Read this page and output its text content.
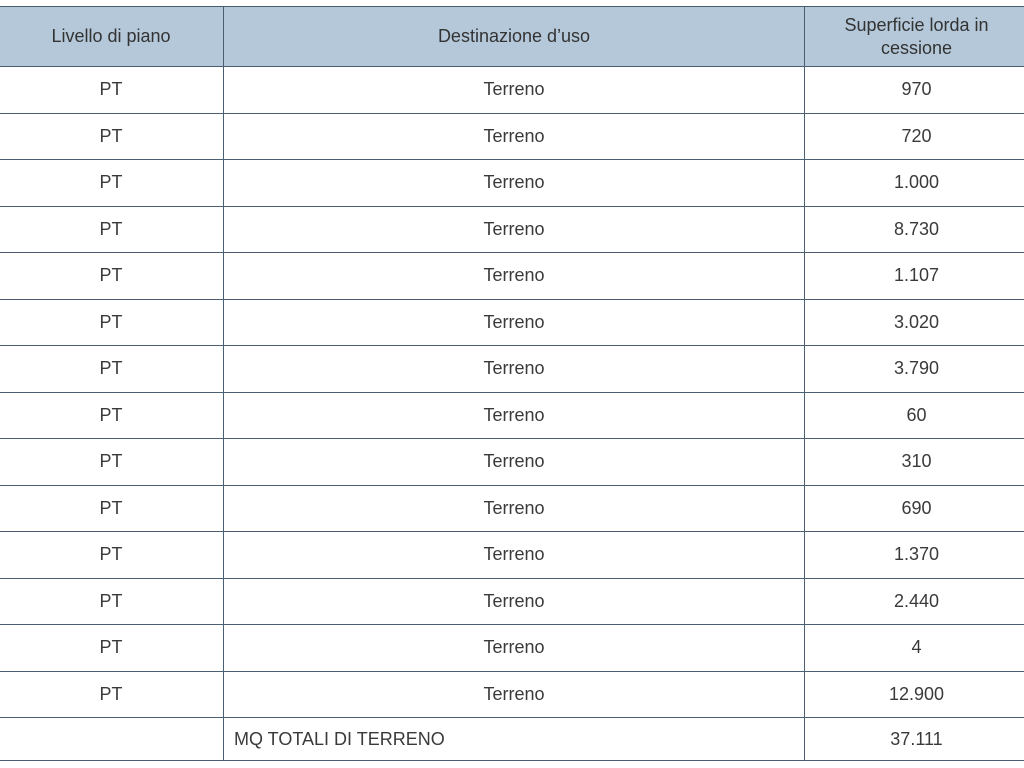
Livello di piano	Destinazione d’uso	Superficie lorda in cessione
PT	Terreno	970
PT	Terreno	720
PT	Terreno	1.000
PT	Terreno	8.730
PT	Terreno	1.107
PT	Terreno	3.020
PT	Terreno	3.790
PT	Terreno	60
PT	Terreno	310
PT	Terreno	690
PT	Terreno	1.370
PT	Terreno	2.440
PT	Terreno	4
PT	Terreno	12.900
	MQ TOTALI DI TERRENO	37.111
